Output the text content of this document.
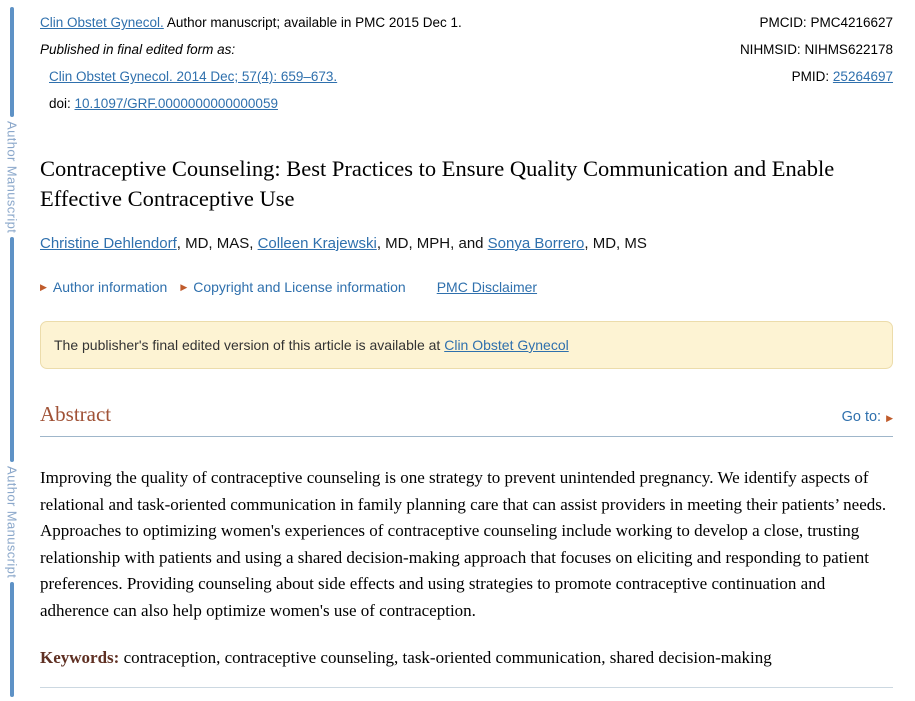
Author Manuscript
Author Manuscript
Clin Obstet Gynecol. Author manuscript; available in PMC 2015 Dec 1.
Published in final edited form as:
Clin Obstet Gynecol. 2014 Dec; 57(4): 659–673.
doi: 10.1097/GRF.0000000000000059
PMCID: PMC4216627
NIHMSID: NIHMS622178
PMID: 25264697
Contraceptive Counseling: Best Practices to Ensure Quality Communication and Enable Effective Contraceptive Use
Christine Dehlendorf, MD, MAS, Colleen Krajewski, MD, MPH, and Sonya Borrero, MD, MS
▶ Author information ▶ Copyright and License information PMC Disclaimer
The publisher's final edited version of this article is available at Clin Obstet Gynecol
Abstract	Go to: ▶

Improving the quality of contraceptive counseling is one strategy to prevent unintended pregnancy. We identify aspects of relational and task-oriented communication in family planning care that can assist providers in meeting their patients’ needs. Approaches to optimizing women's experiences of contraceptive counseling include working to develop a close, trusting relationship with patients and using a shared decision-making approach that focuses on eliciting and responding to patient preferences. Providing counseling about side effects and using strategies to promote contraceptive continuation and adherence can also help optimize women's use of contraception.

Keywords: contraception, contraceptive counseling, task-oriented communication, shared decision-making
